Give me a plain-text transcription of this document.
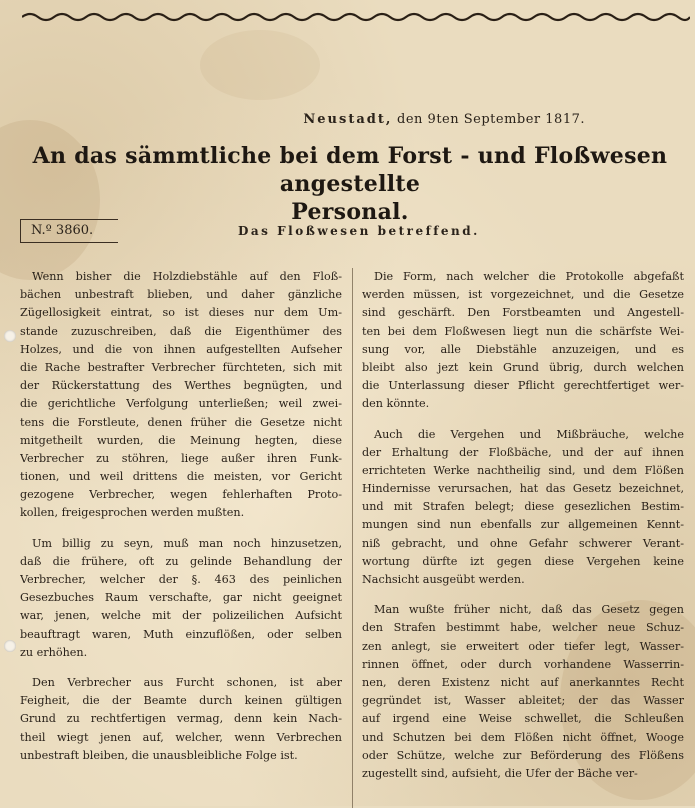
Neustadt, den 9ten September 1817.
An das sämmtliche bei dem Forst - und Floßwesen angestellte
Personal.
N.º 3860.	Das Floßwesen betreffend.
Wenn bisher die Holzdiebstähle auf den Floß-
bächen unbestraft blieben, und daher gänzliche
Zügellosigkeit eintrat, so ist dieses nur dem Um-
stande zuzuschreiben, daß die Eigenthümer des
Holzes, und die von ihnen aufgestellten Aufseher
die Rache bestrafter Verbrecher fürchteten, sich mit
der Rückerstattung des Werthes begnügten, und
die gerichtliche Verfolgung unterließen; weil zwei-
tens die Forstleute, denen früher die Gesetze nicht
mitgetheilt wurden, die Meinung hegten, diese
Verbrecher zu stöhren, liege außer ihren Funk-
tionen, und weil drittens die meisten, vor Gericht
gezogene Verbrecher, wegen fehlerhaften Proto-
kollen, freigesprochen werden mußten.
Um billig zu seyn, muß man noch hinzusetzen,
daß die frühere, oft zu gelinde Behandlung der
Verbrecher, welcher der §. 463 des peinlichen
Gesezbuches Raum verschafte, gar nicht geeignet
war, jenen, welche mit der polizeilichen Aufsicht
beauftragt waren, Muth einzuflößen, oder selben
zu erhöhen.
Den Verbrecher aus Furcht schonen, ist aber
Feigheit, die der Beamte durch keinen gültigen
Grund zu rechtfertigen vermag, denn kein Nach-
theil wiegt jenen auf, welcher, wenn Verbrechen
unbestraft bleiben, die unausbleibliche Folge ist.
Die Form, nach welcher die Protokolle abgefaßt
werden müssen, ist vorgezeichnet, und die Gesetze
sind geschärft. Den Forstbeamten und Angestell-
ten bei dem Floßwesen liegt nun die schärfste Wei-
sung vor, alle Diebstähle anzuzeigen, und es
bleibt also jezt kein Grund übrig, durch welchen
die Unterlassung dieser Pflicht gerechtfertiget wer-
den könnte.
Auch die Vergehen und Mißbräuche, welche
der Erhaltung der Floßbäche, und der auf ihnen
errichteten Werke nachtheilig sind, und dem Flößen
Hindernisse verursachen, hat das Gesetz bezeichnet,
und mit Strafen belegt; diese gesezlichen Bestim-
mungen sind nun ebenfalls zur allgemeinen Kennt-
niß gebracht, und ohne Gefahr schwerer Verant-
wortung dürfte izt gegen diese Vergehen keine
Nachsicht ausgeübt werden.
Man wußte früher nicht, daß das Gesetz gegen
den Strafen bestimmt habe, welcher neue Schuz-
zen anlegt, sie erweitert oder tiefer legt, Wasser-
rinnen öffnet, oder durch vorhandene Wasserrin-
nen, deren Existenz nicht auf anerkanntes Recht
gegründet ist, Wasser ableitet; der das Wasser
auf irgend eine Weise schwellet, die Schleußen
und Schutzen bei dem Flößen nicht öffnet, Wooge
oder Schütze, welche zur Beförderung des Flößens
zugestellt sind, aufsieht, die Ufer der Bäche ver-
